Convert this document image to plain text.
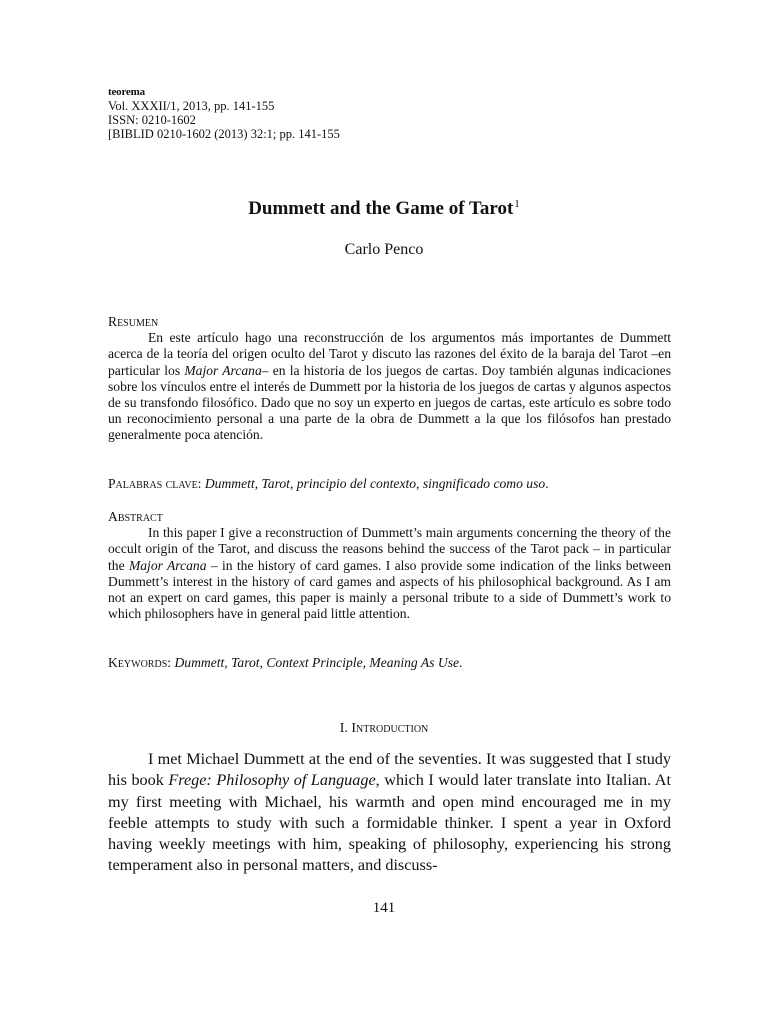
teorema
Vol. XXXII/1, 2013, pp. 141-155
ISSN: 0210-1602
[BIBLID 0210-1602 (2013) 32:1; pp. 141-155
Dummett and the Game of Tarot$^1$
Carlo Penco
Resumen

En este artículo hago una reconstrucción de los argumentos más importantes de Dummett acerca de la teoría del origen oculto del Tarot y discuto las razones del éxito de la baraja del Tarot –en particular los Major Arcana– en la historia de los juegos de cartas. Doy también algunas indicaciones sobre los vínculos entre el interés de Dummett por la historia de los juegos de cartas y algunos aspectos de su transfondo filosófico. Dado que no soy un experto en juegos de cartas, este artículo es sobre todo un reconocimiento personal a una parte de la obra de Dummett a la que los filósofos han prestado generalmente poca atención.

Palabras clave: Dummett, Tarot, principio del contexto, singnificado como uso.
Abstract

In this paper I give a reconstruction of Dummett’s main arguments concerning the theory of the occult origin of the Tarot, and discuss the reasons behind the success of the Tarot pack – in particular the Major Arcana – in the history of card games. I also provide some indication of the links between Dummett’s interest in the history of card games and aspects of his philosophical background. As I am not an expert on card games, this paper is mainly a personal tribute to a side of Dummett’s work to which philosophers have in general paid little attention.

Keywords: Dummett, Tarot, Context Principle, Meaning As Use.
I. Introduction

I met Michael Dummett at the end of the seventies. It was suggested that I study his book Frege: Philosophy of Language, which I would later translate into Italian. At my first meeting with Michael, his warmth and open mind encouraged me in my feeble attempts to study with such a formidable thinker. I spent a year in Oxford having weekly meetings with him, speaking of philosophy, experiencing his strong temperament also in personal matters, and discuss-

141
